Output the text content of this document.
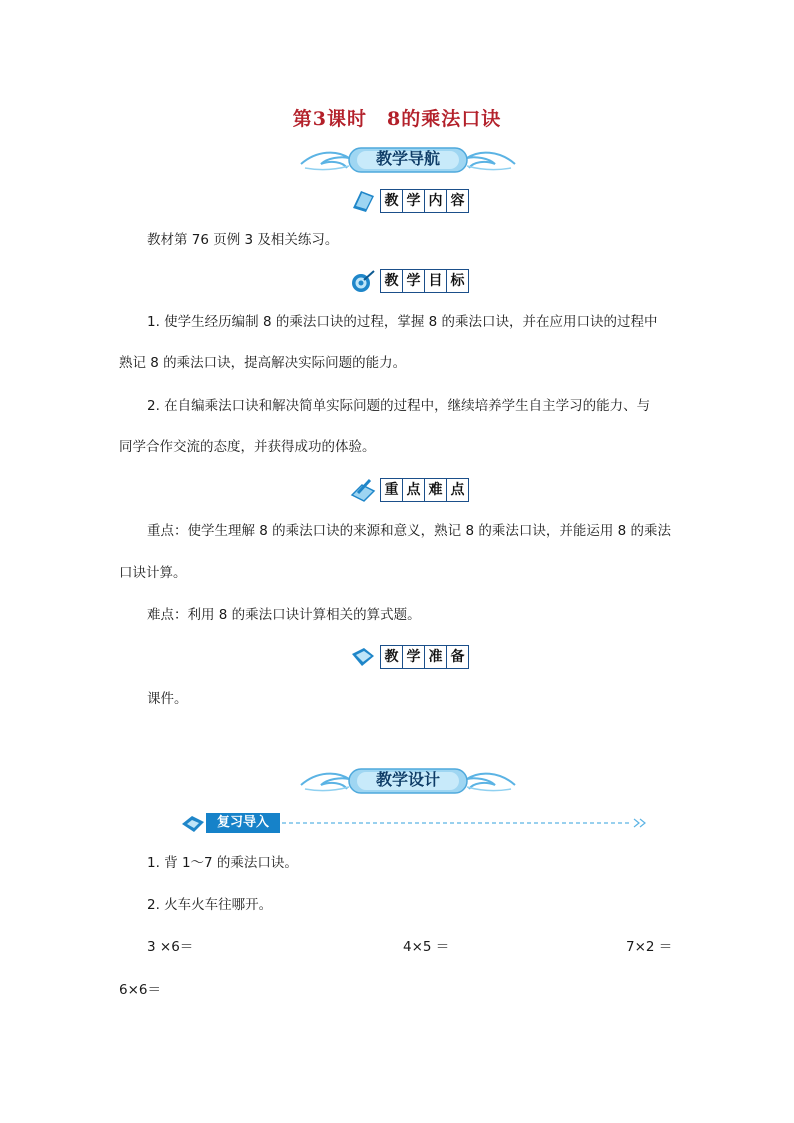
第3课时　8的乘法口诀
教学导航
教 学 内 容
教材第 76 页例 3 及相关练习。
教 学 目 标
1. 使学生经历编制 8 的乘法口诀的过程，掌握 8 的乘法口诀，并在应用口诀的过程中
熟记 8 的乘法口诀，提高解决实际问题的能力。
2. 在自编乘法口诀和解决简单实际问题的过程中，继续培养学生自主学习的能力、与
同学合作交流的态度，并获得成功的体验。
重 点 难 点
重点：使学生理解 8 的乘法口诀的来源和意义，熟记 8 的乘法口诀，并能运用 8 的乘法
口诀计算。
难点：利用 8 的乘法口诀计算相关的算式题。
教 学 准 备
课件。
教学设计
复习导入
1. 背 1～7 的乘法口诀。
2. 火车火车往哪开。
3 ×6＝	4×5 ＝	7×2 ＝
6×6＝
